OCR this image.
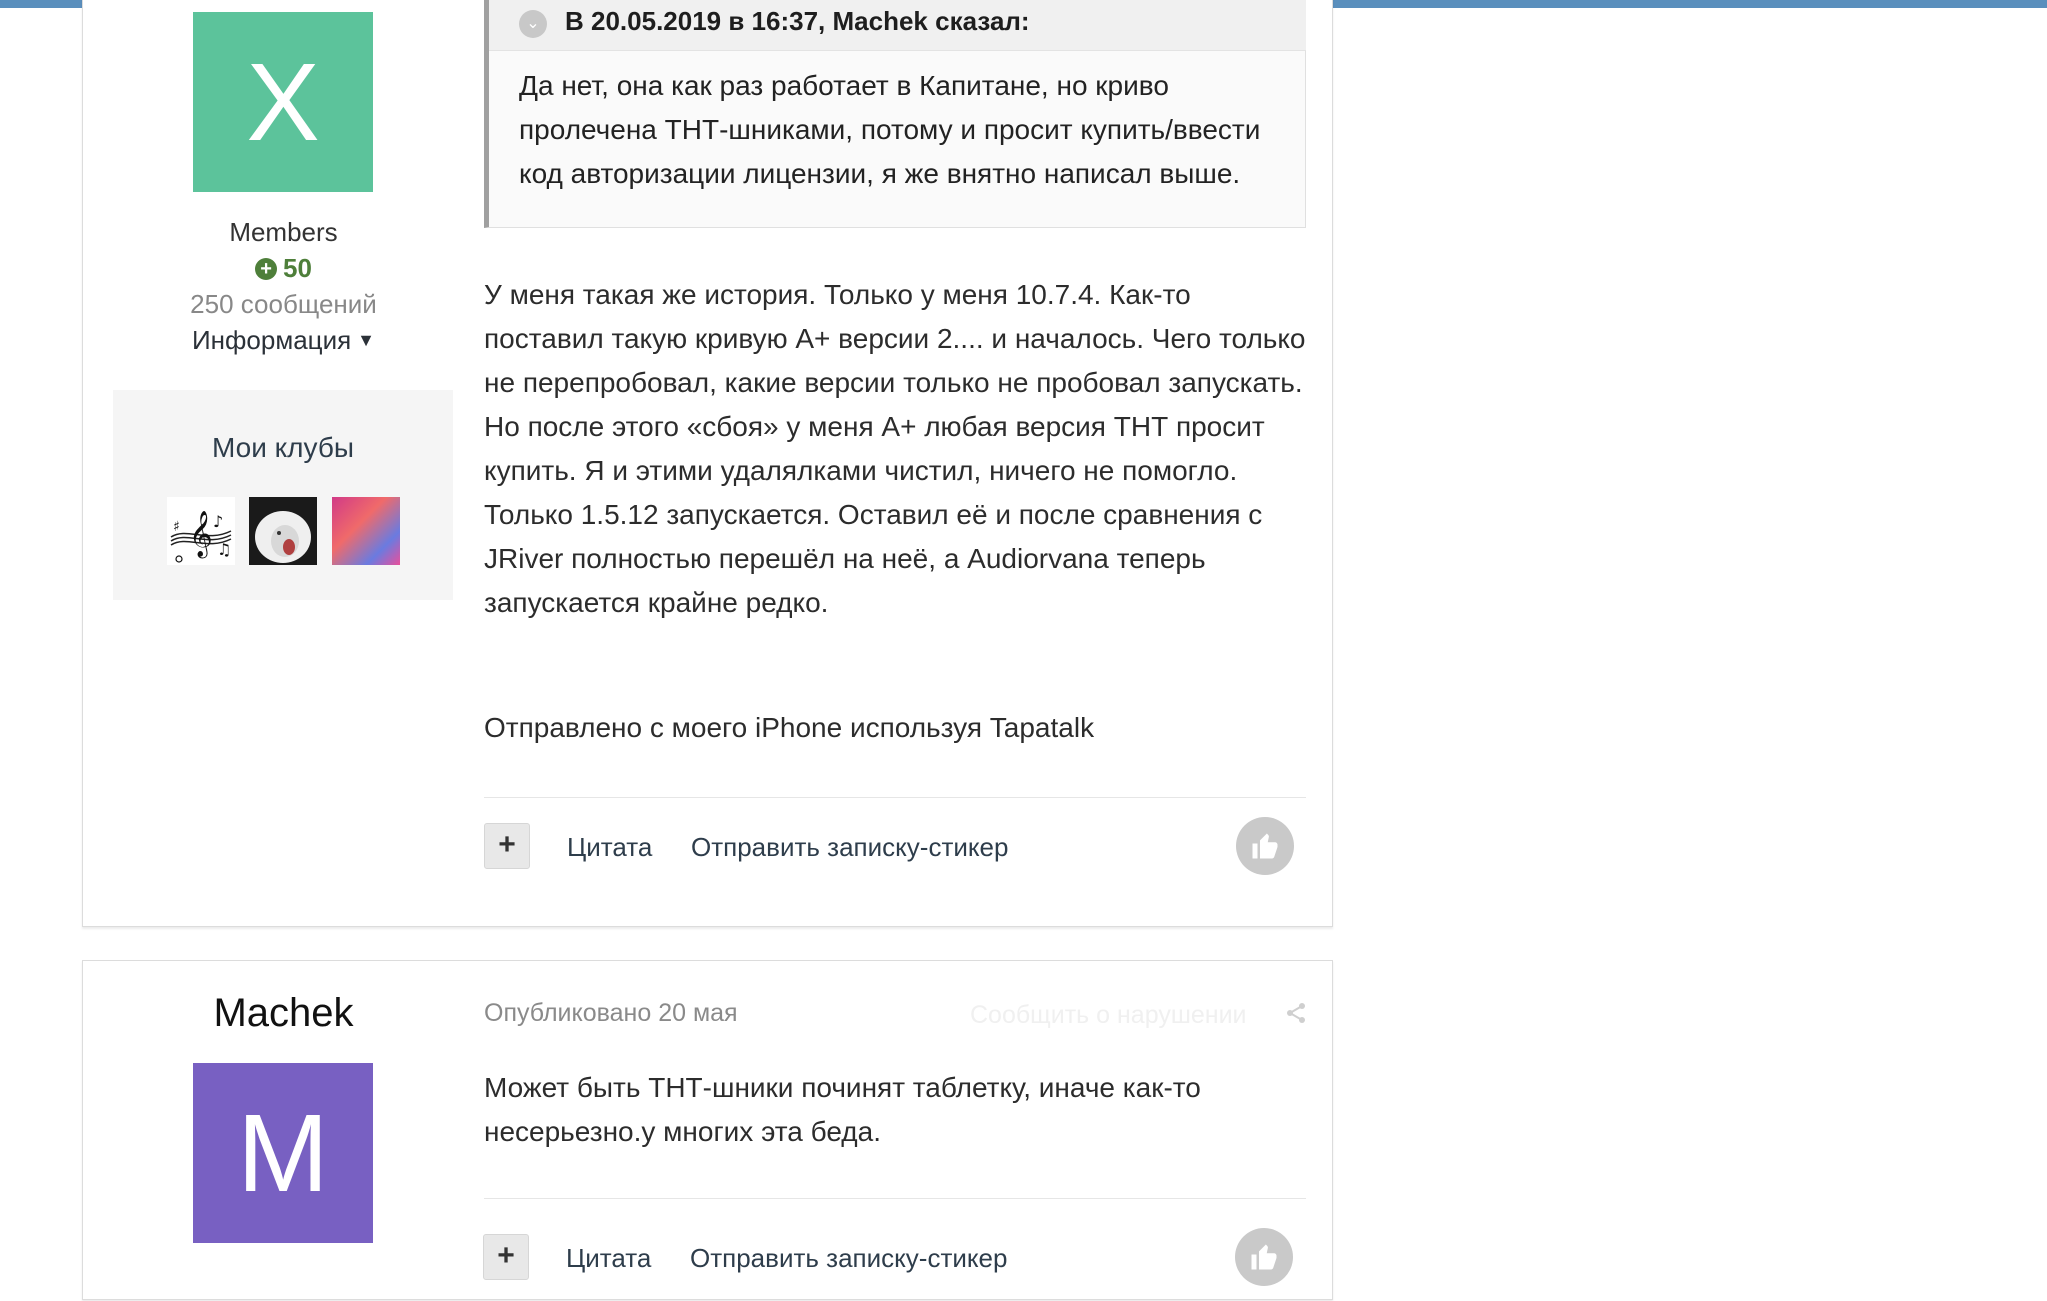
X
Members
+ 50
250 сообщений
Информация ▼
Мои клубы
𝄞 ♪
♯
♫
⌄ В 20.05.2019 в 16:37, Machek сказал:
Да нет, она как раз работает в Капитане, но криво пролечена ТНТ-шниками, потому и просит купить/ввести код авторизации лицензии, я же внятно написал выше.
У меня такая же история. Только у меня 10.7.4. Как-то поставил такую кривую А+ версии 2.... и началось. Чего только не перепробовал, какие версии только не пробовал запускать. Но после этого «сбоя» у меня А+ любая версия ТНТ просит купить. Я и этими удалялками чистил, ничего не помогло. Только 1.5.12 запускается. Оставил её и после сравнения с JRiver полностью перешёл на неё, а Audiorvana теперь запускается крайне редко.
Отправлено с моего iPhone используя Tapatalk
+	Цитата Отправить записку-стикер
Machek
M
Опубликовано 20 мая	Сообщить о нарушении
Может быть ТНТ-шники починят таблетку, иначе как-то несерьезно.у многих эта беда.
+	Цитата Отправить записку-стикер
